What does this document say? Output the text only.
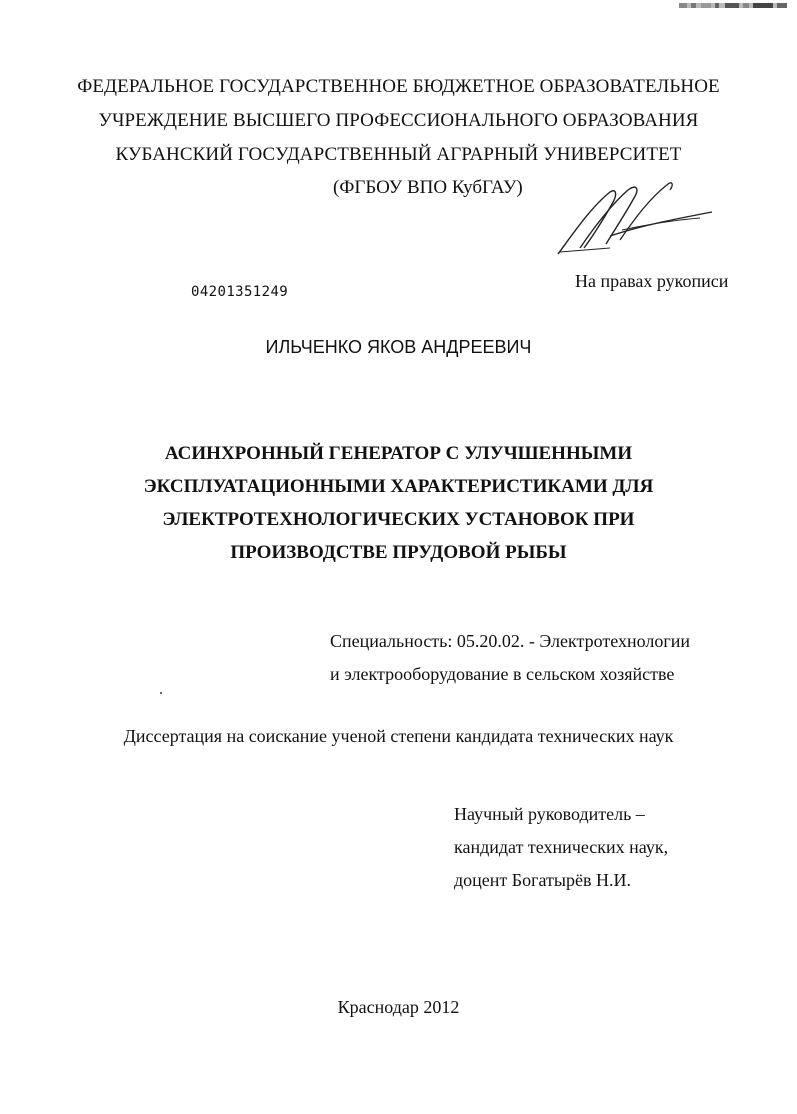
ФЕДЕРАЛЬНОЕ ГОСУДАРСТВЕННОЕ БЮДЖЕТНОЕ ОБРАЗОВАТЕЛЬНОЕ
УЧРЕЖДЕНИЕ ВЫСШЕГО ПРОФЕССИОНАЛЬНОГО ОБРАЗОВАНИЯ
КУБАНСКИЙ ГОСУДАРСТВЕННЫЙ АГРАРНЫЙ УНИВЕРСИТЕТ
(ФГБОУ ВПО КубГАУ)
04201351249
На правах рукописи
ИЛЬЧЕНКО ЯКОВ АНДРЕЕВИЧ
АСИНХРОННЫЙ ГЕНЕРАТОР С УЛУЧШЕННЫМИ
ЭКСПЛУАТАЦИОННЫМИ ХАРАКТЕРИСТИКАМИ ДЛЯ
ЭЛЕКТРОТЕХНОЛОГИЧЕСКИХ УСТАНОВОК ПРИ
ПРОИЗВОДСТВЕ ПРУДОВОЙ РЫБЫ
Специальность: 05.20.02. - Электротехнологии
и электрооборудование в сельском хозяйстве
Диссертация на соискание ученой степени кандидата технических наук
Научный руководитель –
кандидат технических наук,
доцент Богатырёв Н.И.
Краснодар 2012
